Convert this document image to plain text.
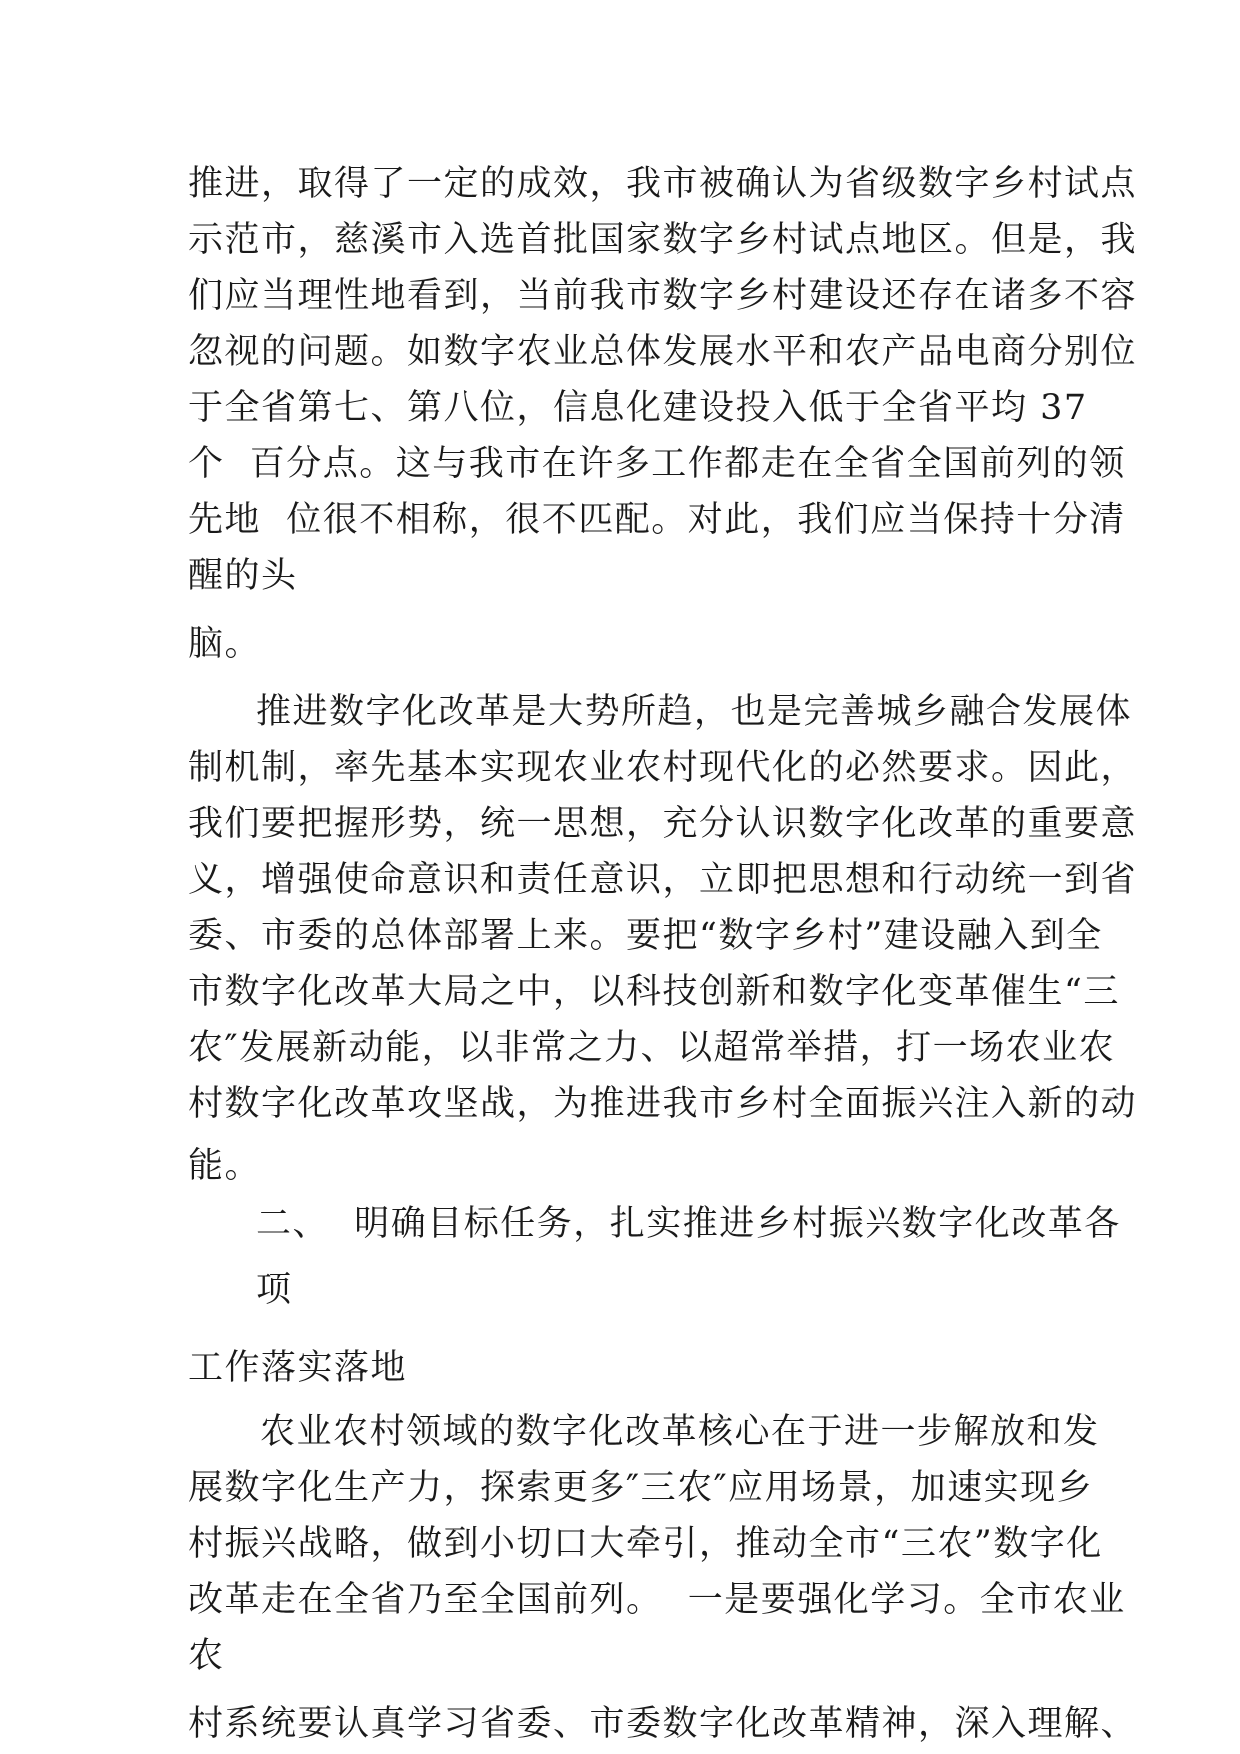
推进，取得了一定的成效，我市被确认为省级数字乡村试点
示范市，慈溪市入选首批国家数字乡村试点地区。但是，我
们应当理性地看到，当前我市数字乡村建设还存在诸多不容
忽视的问题。如数字农业总体发展水平和农产品电商分别位
于全省第七、第八位，信息化建设投入低于全省平均 37
个  百分点。这与我市在许多工作都走在全省全国前列的领
先地  位很不相称，很不匹配。对此，我们应当保持十分清
醒的头
脑。
推进数字化改革是大势所趋，也是完善城乡融合发展体
制机制，率先基本实现农业农村现代化的必然要求。因此，
我们要把握形势，统一思想，充分认识数字化改革的重要意
义，增强使命意识和责任意识，立即把思想和行动统一到省
委、市委的总体部署上来。要把“数字乡村”建设融入到全
市数字化改革大局之中，以科技创新和数字化变革催生“三
农″发展新动能，以非常之力、以超常举措，打一场农业农
村数字化改革攻坚战，为推进我市乡村全面振兴注入新的动
能。
二、  明确目标任务，扎实推进乡村振兴数字化改革各
项
工作落实落地
农业农村领域的数字化改革核心在于进一步解放和发
展数字化生产力，探索更多″三农″应用场景，加速实现乡
村振兴战略，做到小切口大牵引，推动全市“三农”数字化
改革走在全省乃至全国前列。  一是要强化学习。全市农业
农
村系统要认真学习省委、市委数字化改革精神，深入理解、
